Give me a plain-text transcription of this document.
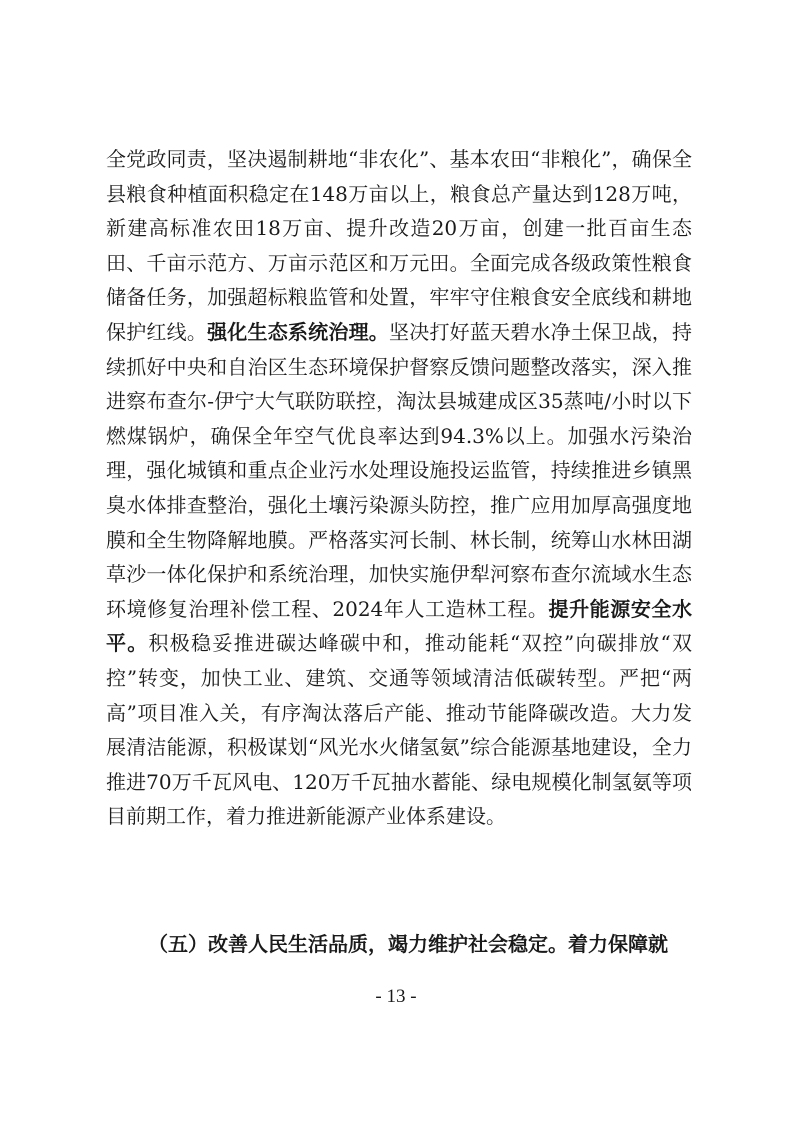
全党政同责，坚决遏制耕地“非农化”、基本农田“非粮化”，确保全县粮食种植面积稳定在148万亩以上，粮食总产量达到128万吨，新建高标准农田18万亩、提升改造20万亩，创建一批百亩生态田、千亩示范方、万亩示范区和万元田。全面完成各级政策性粮食储备任务，加强超标粮监管和处置，牢牢守住粮食安全底线和耕地保护红线。强化生态系统治理。坚决打好蓝天碧水净土保卫战，持续抓好中央和自治区生态环境保护督察反馈问题整改落实，深入推进察布查尔-伊宁大气联防联控，淘汰县城建成区35蒸吨/小时以下燃煤锅炉，确保全年空气优良率达到94.3%以上。加强水污染治理，强化城镇和重点企业污水处理设施投运监管，持续推进乡镇黑臭水体排查整治，强化土壤污染源头防控，推广应用加厚高强度地膜和全生物降解地膜。严格落实河长制、林长制，统筹山水林田湖草沙一体化保护和系统治理，加快实施伊犁河察布查尔流域水生态环境修复治理补偿工程、2024年人工造林工程。提升能源安全水平。积极稳妥推进碳达峰碳中和，推动能耗“双控”向碳排放“双控”转变，加快工业、建筑、交通等领域清洁低碳转型。严把“两高”项目准入关，有序淘汰落后产能、推动节能降碳改造。大力发展清洁能源，积极谋划“风光水火储氢氨”综合能源基地建设，全力推进70万千瓦风电、120万千瓦抽水蓄能、绿电规模化制氢氨等项目前期工作，着力推进新能源产业体系建设。

（五）改善人民生活品质，竭力维护社会稳定。着力保障就

- 13 -
